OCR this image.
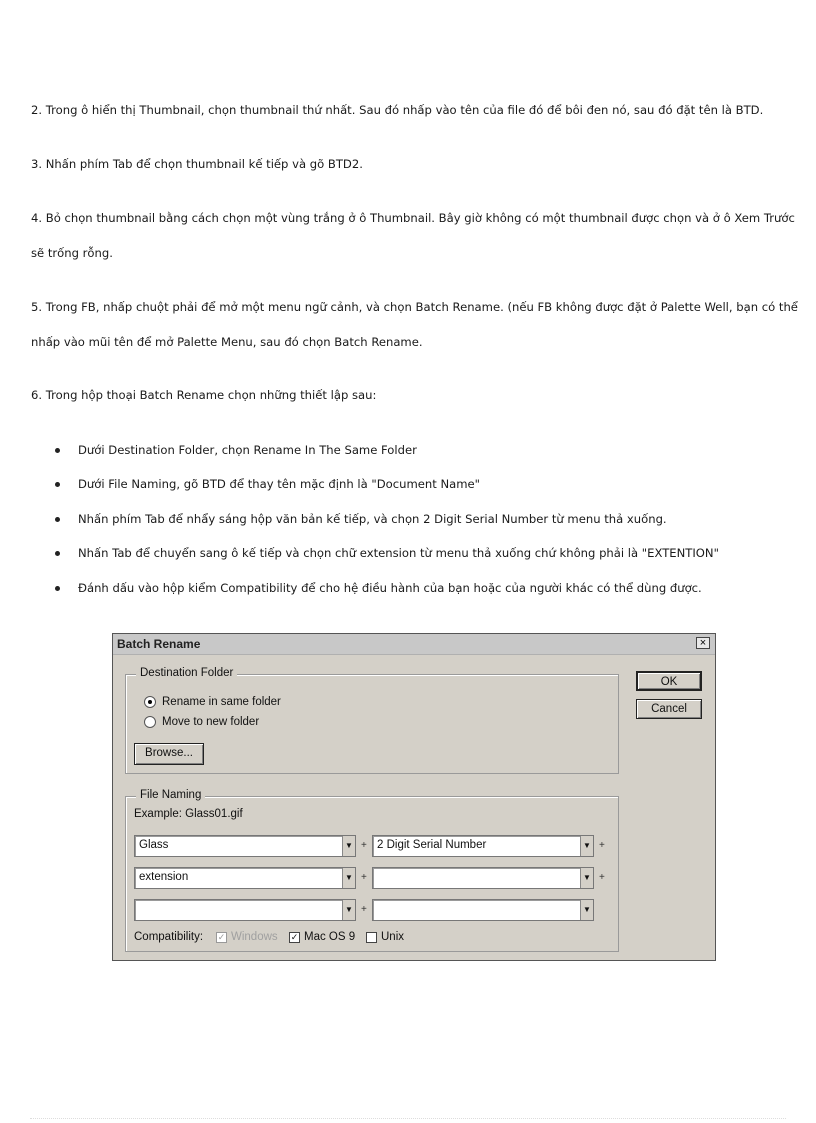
2. Trong ô hiển thị Thumbnail, chọn thumbnail thứ nhất. Sau đó nhấp vào tên của file đó để bôi đen nó, sau đó đặt tên là BTD.

3. Nhấn phím Tab để chọn thumbnail kế tiếp và gõ BTD2.

4. Bỏ chọn thumbnail bằng cách chọn một vùng trắng ở ô Thumbnail. Bây giờ không có một thumbnail được chọn và ở ô Xem Trước sẽ trống rỗng.

5. Trong FB, nhấp chuột phải để mở một menu ngữ cảnh, và chọn Batch Rename. (nếu FB không được đặt ở Palette Well, bạn có thể nhấp vào mũi tên để mở Palette Menu, sau đó chọn Batch Rename.

6. Trong hộp thoại Batch Rename chọn những thiết lập sau:

Dưới Destination Folder, chọn Rename In The Same Folder
Dưới File Naming, gõ BTD để thay tên mặc định là "Document Name"
Nhấn phím Tab để nhẩy sáng hộp văn bản kế tiếp, và chọn 2 Digit Serial Number từ menu thả xuống.
Nhấn Tab để chuyển sang ô kế tiếp và chọn chữ extension từ menu thả xuống chứ không phải là "EXTENTION"
Đánh dấu vào hộp kiểm Compatibility để cho hệ điều hành của bạn hoặc của người khác có thể dùng được.
Batch Rename	×
Destination Folder
Rename in same folder
Move to new folder
Browse...
OK
Cancel
File Naming
Example: Glass01.gif
Glass	▼ + 2 Digit Serial Number	▼ +
extension	▼ +	▼ +
▼ +	▼
Compatibility: ✓ Windows ✓ Mac OS 9 Unix
